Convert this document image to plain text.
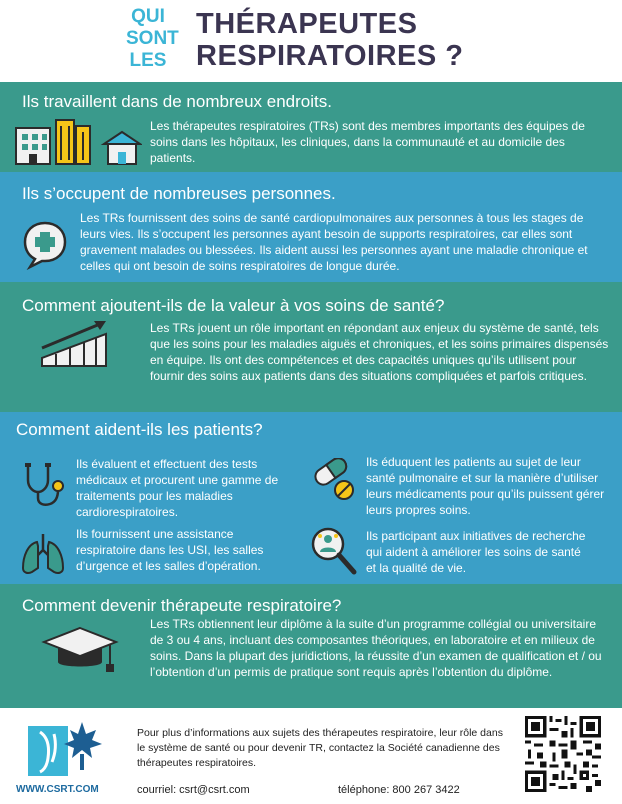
QUI
SONT
LES
THÉRAPEUTES
RESPIRATOIRES ?
Ils travaillent dans de nombreux endroits.
Les thérapeutes respiratoires (TRs) sont des membres importants des équipes de soins dans les hôpitaux, les cliniques, dans la communauté et au domicile des patients.
Ils s’occupent de nombreuses personnes.
Les TRs fournissent des soins de santé cardiopulmonaires aux personnes à tous les stages de leurs vies. Ils s’occupent les personnes ayant besoin de supports respiratoires, car elles sont gravement malades ou blessées. Ils aident aussi les personnes ayant une maladie chronique et celles qui ont besoin de soins respiratoires de longue durée.
Comment ajoutent-ils de la valeur à vos soins de santé?
Les TRs jouent un rôle important en répondant aux enjeux du système de santé, tels que les soins pour les maladies aiguës et chroniques, et les soins primaires dispensés en équipe. Ils ont des compétences et des capacités uniques qu’ils utilisent pour fournir des soins aux patients dans des situations compliquées et parfois critiques.
Comment aident-ils les patients?
Ils évaluent et effectuent des tests médicaux et procurent une gamme de traitements pour les maladies cardiorespiratoires.
Ils éduquent les patients au sujet de leur santé pulmonaire et sur la manière d’utiliser leurs médicaments pour qu’ils puissent gérer leurs propres soins.
Ils fournissent une assistance respiratoire dans les USI, les salles d’urgence et les salles d’opération.
Ils participant aux initiatives de recherche qui aident à améliorer les soins de santé et la qualité de vie.
Comment devenir thérapeute respiratoire?
Les TRs obtiennent leur diplôme à la suite d’un programme collégial ou universitaire de 3 ou 4 ans, incluant des composantes théoriques, en laboratoire et en milieux de soins. Dans la plupart des juridictions, la réussite d’un examen de qualification et / ou l’obtention d’un permis de pratique sont requis après l’obtention du diplôme.
WWW.CSRT.COM
Pour plus d’informations aux sujets des thérapeutes respiratoire, leur rôle dans le système de santé ou pour devenir TR, contactez la Société canadienne des thérapeutes respiratoires.
courriel: csrt@csrt.com	téléphone: 800 267 3422
